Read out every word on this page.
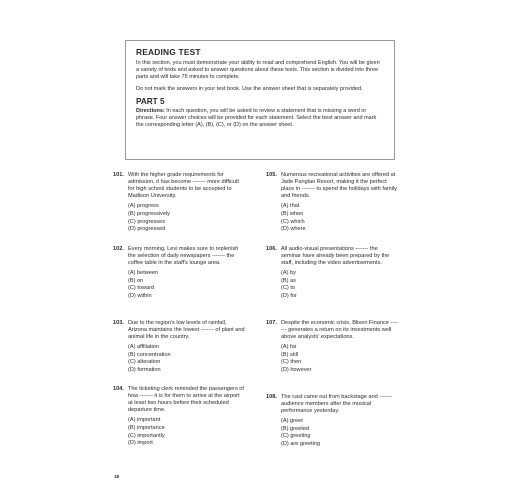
READING TEST

In this section, you must demonstrate your ability to read and comprehend English. You will be given a variety of texts and asked to answer questions about these texts. This section is divided into three parts and will take 75 minutes to complete.

Do not mark the answers in your test book. Use the answer sheet that is separately provided.

PART 5

Directions: In each question, you will be asked to review a statement that is missing a word or phrase. Four answer choices will be provided for each statement. Select the best answer and mark the corresponding letter (A), (B), (C), or (D) on the answer sheet.

101. With the higher grade requirements for admission, it has become ------- more difficult for high school students to be accepted to Madison University.
(A) progress
(B) progressively
(C) progresses
(D) progressed
102. Every morning, Levi makes sure to replenish the selection of daily newspapers ------- the coffee table in the staff's lounge area.
(A) between
(B) on
(C) toward
(D) within
103. Due to the region's low levels of rainfall, Arizona maintains the lowest ------- of plant and animal life in the country.
(A) affiliation
(B) concentration
(C) alteration
(D) formation
104. The ticketing clerk reminded the passengers of how ------- it is for them to arrive at the airport at least two hours before their scheduled departure time.
(A) important
(B) importance
(C) importantly
(D) import
105. Numerous recreational activities are offered at Jade Panglao Resort, making it the perfect place in ------- to spend the holidays with family and friends.
(A) that
(B) when
(C) which
(D) where
106. All audio-visual presentations ------- the seminar have already been prepared by the staff, including the video advertisements.
(A) by
(B) as
(C) to
(D) for
107. Despite the economic crisis, Blixen Finance ------- generates a return on its investments well above analysts' expectations.
(A) far
(B) still
(C) then
(D) however
108. The cast came out from backstage and ------- audience members after the musical performance yesterday.
(A) greet
(B) greeted
(C) greeting
(D) are greeting
18
